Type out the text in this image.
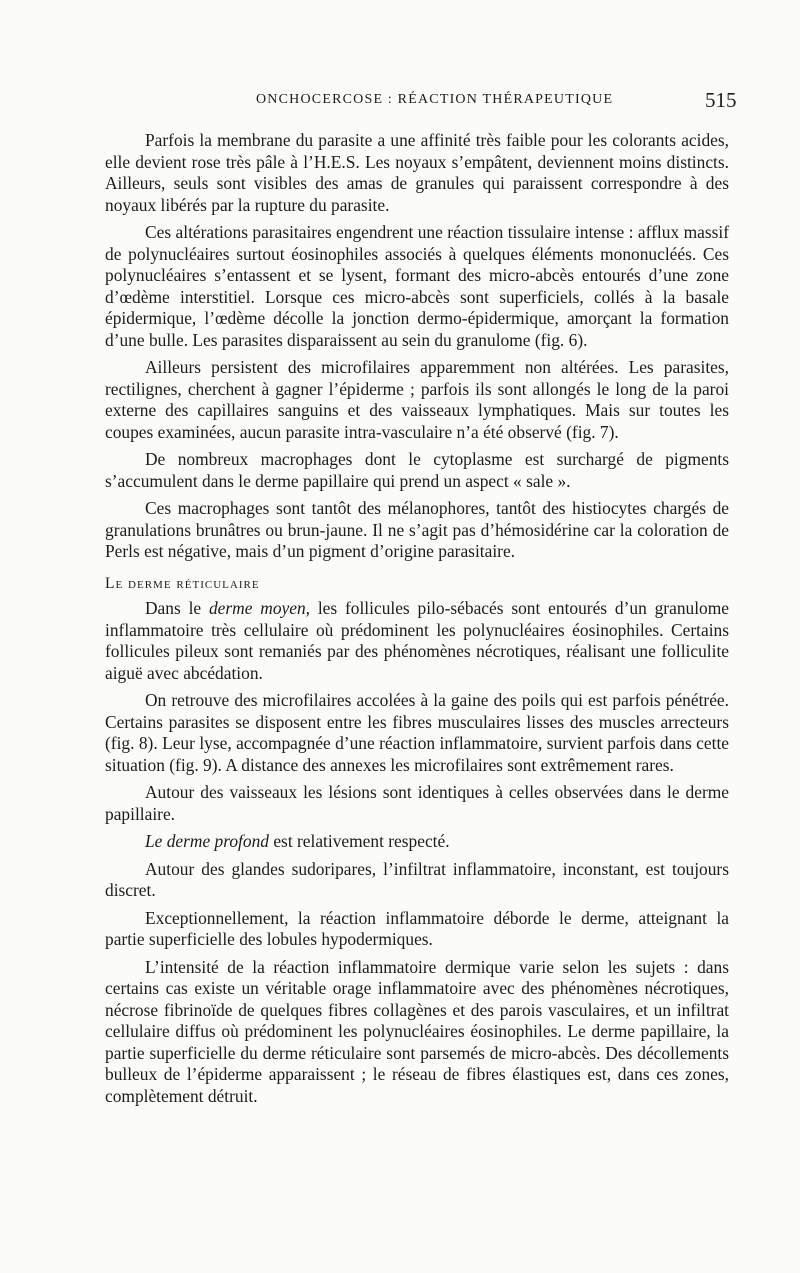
ONCHOCERCOSE : RÉACTION THÉRAPEUTIQUE	515

Parfois la membrane du parasite a une affinité très faible pour les colorants acides, elle devient rose très pâle à l’H.E.S. Les noyaux s’empâtent, deviennent moins distincts. Ailleurs, seuls sont visibles des amas de granules qui paraissent correspondre à des noyaux libérés par la rupture du parasite.

Ces altérations parasitaires engendrent une réaction tissulaire intense : afflux massif de polynucléaires surtout éosinophiles associés à quelques éléments mononucléés. Ces polynucléaires s’entassent et se lysent, formant des micro-abcès entourés d’une zone d’œdème interstitiel. Lorsque ces micro-abcès sont superficiels, collés à la basale épidermique, l’œdème décolle la jonction dermo-épidermique, amorçant la formation d’une bulle. Les parasites disparaissent au sein du granulome (fig. 6).

Ailleurs persistent des microfilaires apparemment non altérées. Les parasites, rectilignes, cherchent à gagner l’épiderme ; parfois ils sont allongés le long de la paroi externe des capillaires sanguins et des vaisseaux lymphatiques. Mais sur toutes les coupes examinées, aucun parasite intra-vasculaire n’a été observé (fig. 7).

De nombreux macrophages dont le cytoplasme est surchargé de pigments s’accumulent dans le derme papillaire qui prend un aspect « sale ».

Ces macrophages sont tantôt des mélanophores, tantôt des histiocytes chargés de granulations brunâtres ou brun-jaune. Il ne s’agit pas d’hémosidérine car la coloration de Perls est négative, mais d’un pigment d’origine parasitaire.

Le derme réticulaire

Dans le derme moyen, les follicules pilo-sébacés sont entourés d’un granulome inflammatoire très cellulaire où prédominent les polynucléaires éosinophiles. Certains follicules pileux sont remaniés par des phénomènes nécrotiques, réalisant une folliculite aiguë avec abcédation.

On retrouve des microfilaires accolées à la gaine des poils qui est parfois pénétrée. Certains parasites se disposent entre les fibres musculaires lisses des muscles arrecteurs (fig. 8). Leur lyse, accompagnée d’une réaction inflammatoire, survient parfois dans cette situation (fig. 9). A distance des annexes les microfilaires sont extrêmement rares.

Autour des vaisseaux les lésions sont identiques à celles observées dans le derme papillaire.

Le derme profond est relativement respecté.

Autour des glandes sudoripares, l’infiltrat inflammatoire, inconstant, est toujours discret.

Exceptionnellement, la réaction inflammatoire déborde le derme, atteignant la partie superficielle des lobules hypodermiques.

L’intensité de la réaction inflammatoire dermique varie selon les sujets : dans certains cas existe un véritable orage inflammatoire avec des phénomènes nécrotiques, nécrose fibrinoïde de quelques fibres collagènes et des parois vasculaires, et un infiltrat cellulaire diffus où prédominent les polynucléaires éosinophiles. Le derme papillaire, la partie superficielle du derme réticulaire sont parsemés de micro-abcès. Des décollements bulleux de l’épiderme apparaissent ; le réseau de fibres élastiques est, dans ces zones, complètement détruit.
